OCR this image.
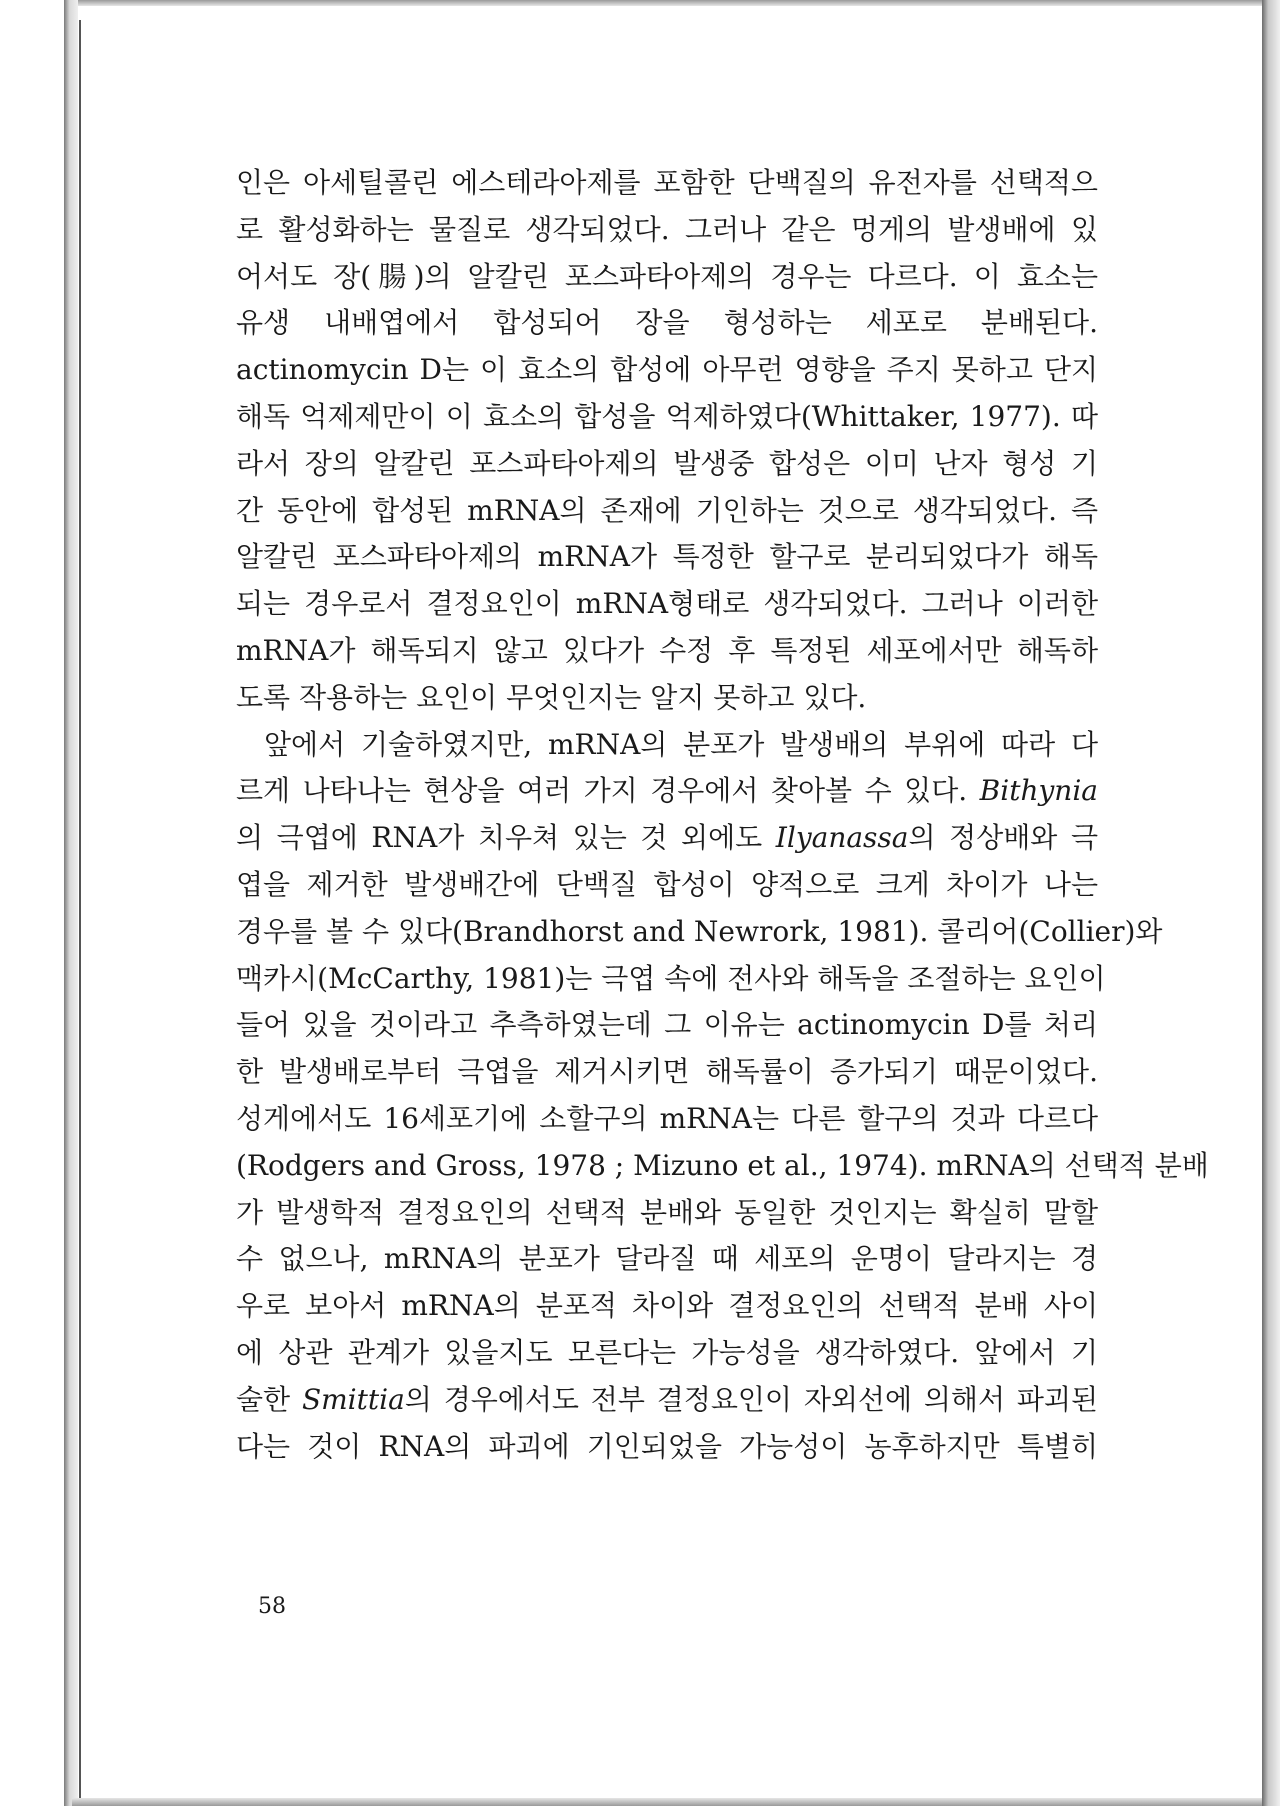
인은 아세틸콜린 에스테라아제를 포함한 단백질의 유전자를 선택적으
로 활성화하는 물질로 생각되었다. 그러나 같은 멍게의 발생배에 있
어서도 장(腸)의 알칼린 포스파타아제의 경우는 다르다. 이 효소는
유생 내배엽에서 합성되어 장을 형성하는 세포로 분배된다.
actinomycin D는 이 효소의 합성에 아무런 영향을 주지 못하고 단지
해독 억제제만이 이 효소의 합성을 억제하였다(Whittaker, 1977). 따
라서 장의 알칼린 포스파타아제의 발생중 합성은 이미 난자 형성 기
간 동안에 합성된 mRNA의 존재에 기인하는 것으로 생각되었다. 즉
알칼린 포스파타아제의 mRNA가 특정한 할구로 분리되었다가 해독
되는 경우로서 결정요인이 mRNA형태로 생각되었다. 그러나 이러한
mRNA가 해독되지 않고 있다가 수정 후 특정된 세포에서만 해독하
도록 작용하는 요인이 무엇인지는 알지 못하고 있다.
앞에서 기술하였지만, mRNA의 분포가 발생배의 부위에 따라 다
르게 나타나는 현상을 여러 가지 경우에서 찾아볼 수 있다. Bithynia
의 극엽에 RNA가 치우쳐 있는 것 외에도 Ilyanassa의 정상배와 극
엽을 제거한 발생배간에 단백질 합성이 양적으로 크게 차이가 나는
경우를 볼 수 있다(Brandhorst and Newrork, 1981). 콜리어(Collier)와
맥카시(McCarthy, 1981)는 극엽 속에 전사와 해독을 조절하는 요인이
들어 있을 것이라고 추측하였는데 그 이유는 actinomycin D를 처리
한 발생배로부터 극엽을 제거시키면 해독률이 증가되기 때문이었다.
성게에서도 16세포기에 소할구의 mRNA는 다른 할구의 것과 다르다
(Rodgers and Gross, 1978 ; Mizuno et al., 1974). mRNA의 선택적 분배
가 발생학적 결정요인의 선택적 분배와 동일한 것인지는 확실히 말할
수 없으나, mRNA의 분포가 달라질 때 세포의 운명이 달라지는 경
우로 보아서 mRNA의 분포적 차이와 결정요인의 선택적 분배 사이
에 상관 관계가 있을지도 모른다는 가능성을 생각하였다. 앞에서 기
술한 Smittia의 경우에서도 전부 결정요인이 자외선에 의해서 파괴된
다는 것이 RNA의 파괴에 기인되었을 가능성이 농후하지만 특별히
58
